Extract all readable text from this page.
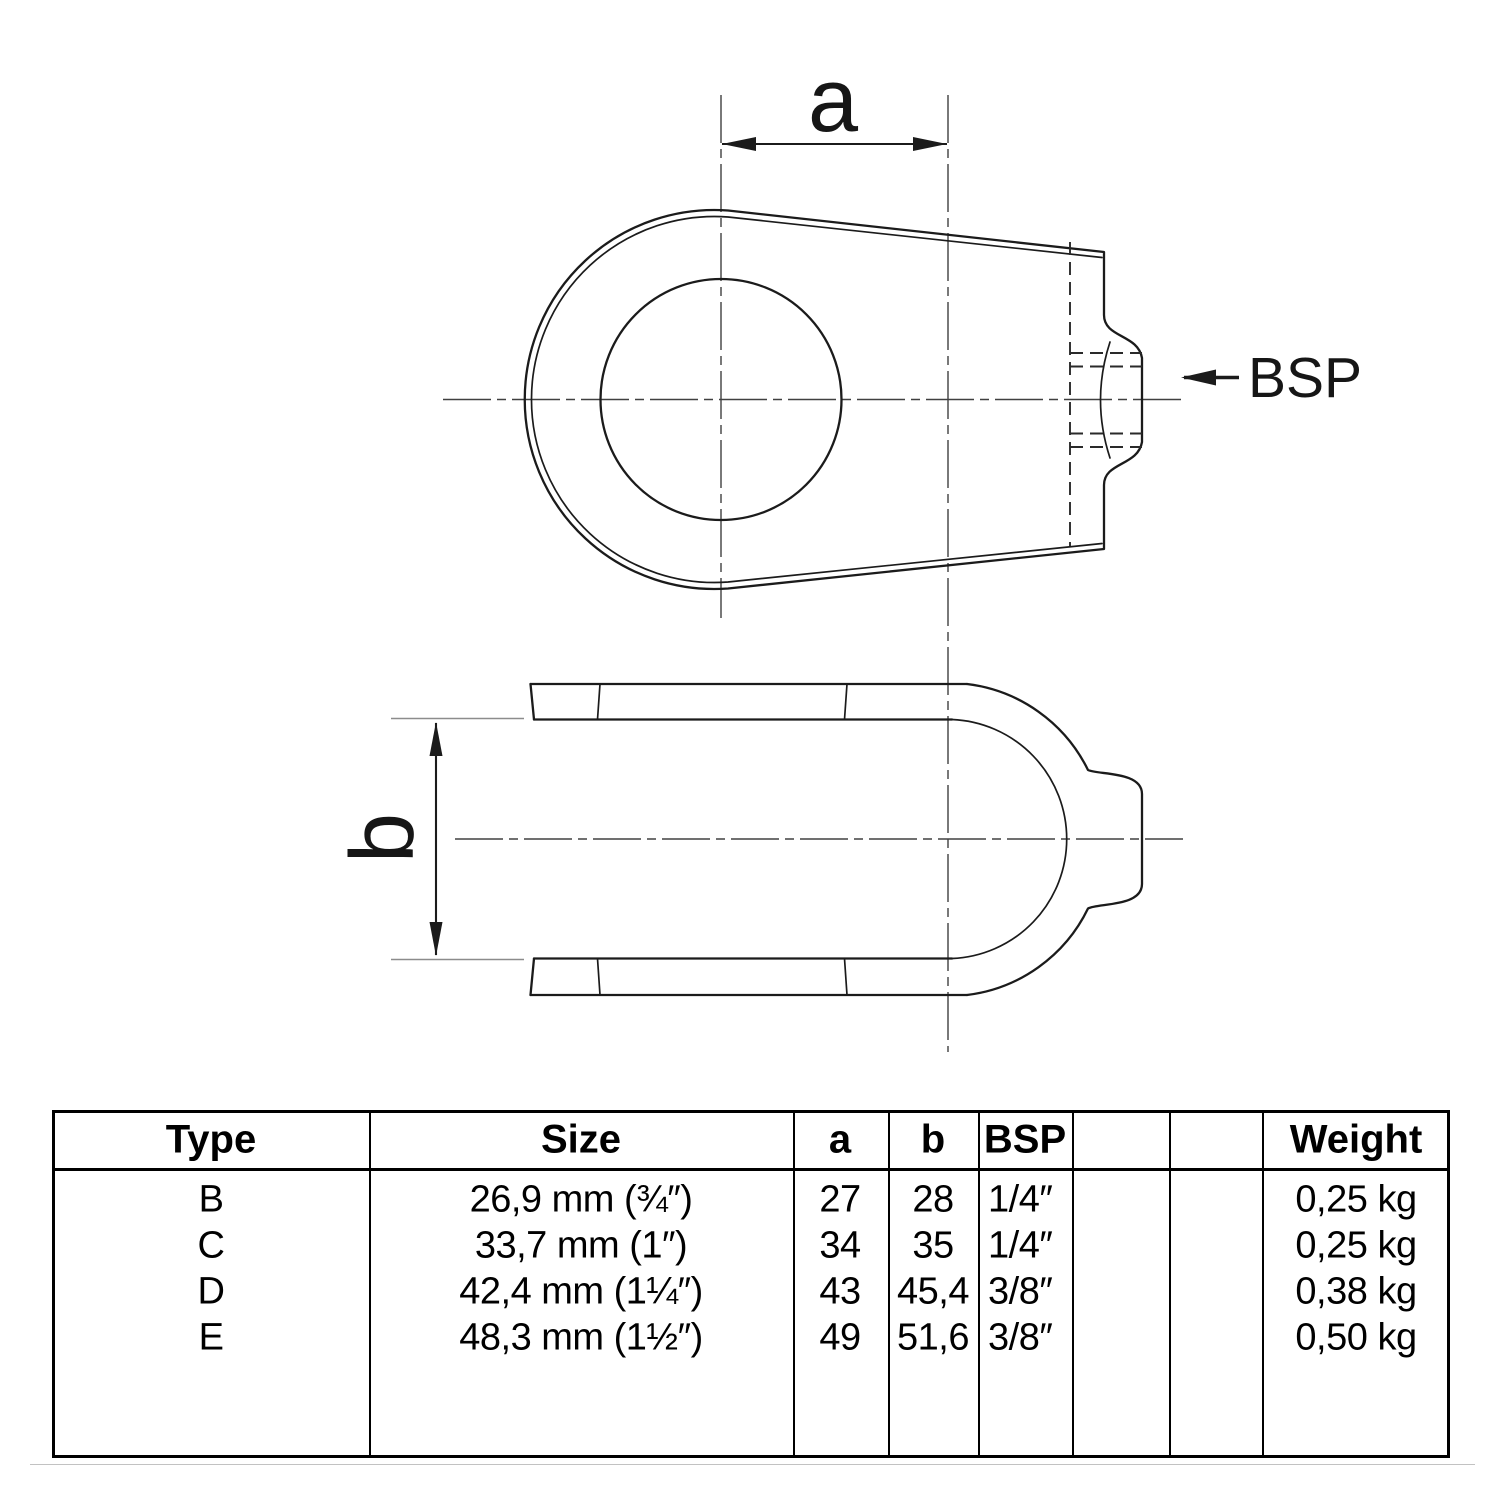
a
b
BSP
Type	Size	a b BSP	Weight
B	26,9 mm (¾″)	27 28 1/4″	0,25 kg
C	33,7 mm (1″)	34 35 1/4″	0,25 kg
D	42,4 mm (1¼″)	43 45,4 3/8″	0,38 kg
E	48,3 mm (1½″)	49 51,6 3/8″	0,50 kg
